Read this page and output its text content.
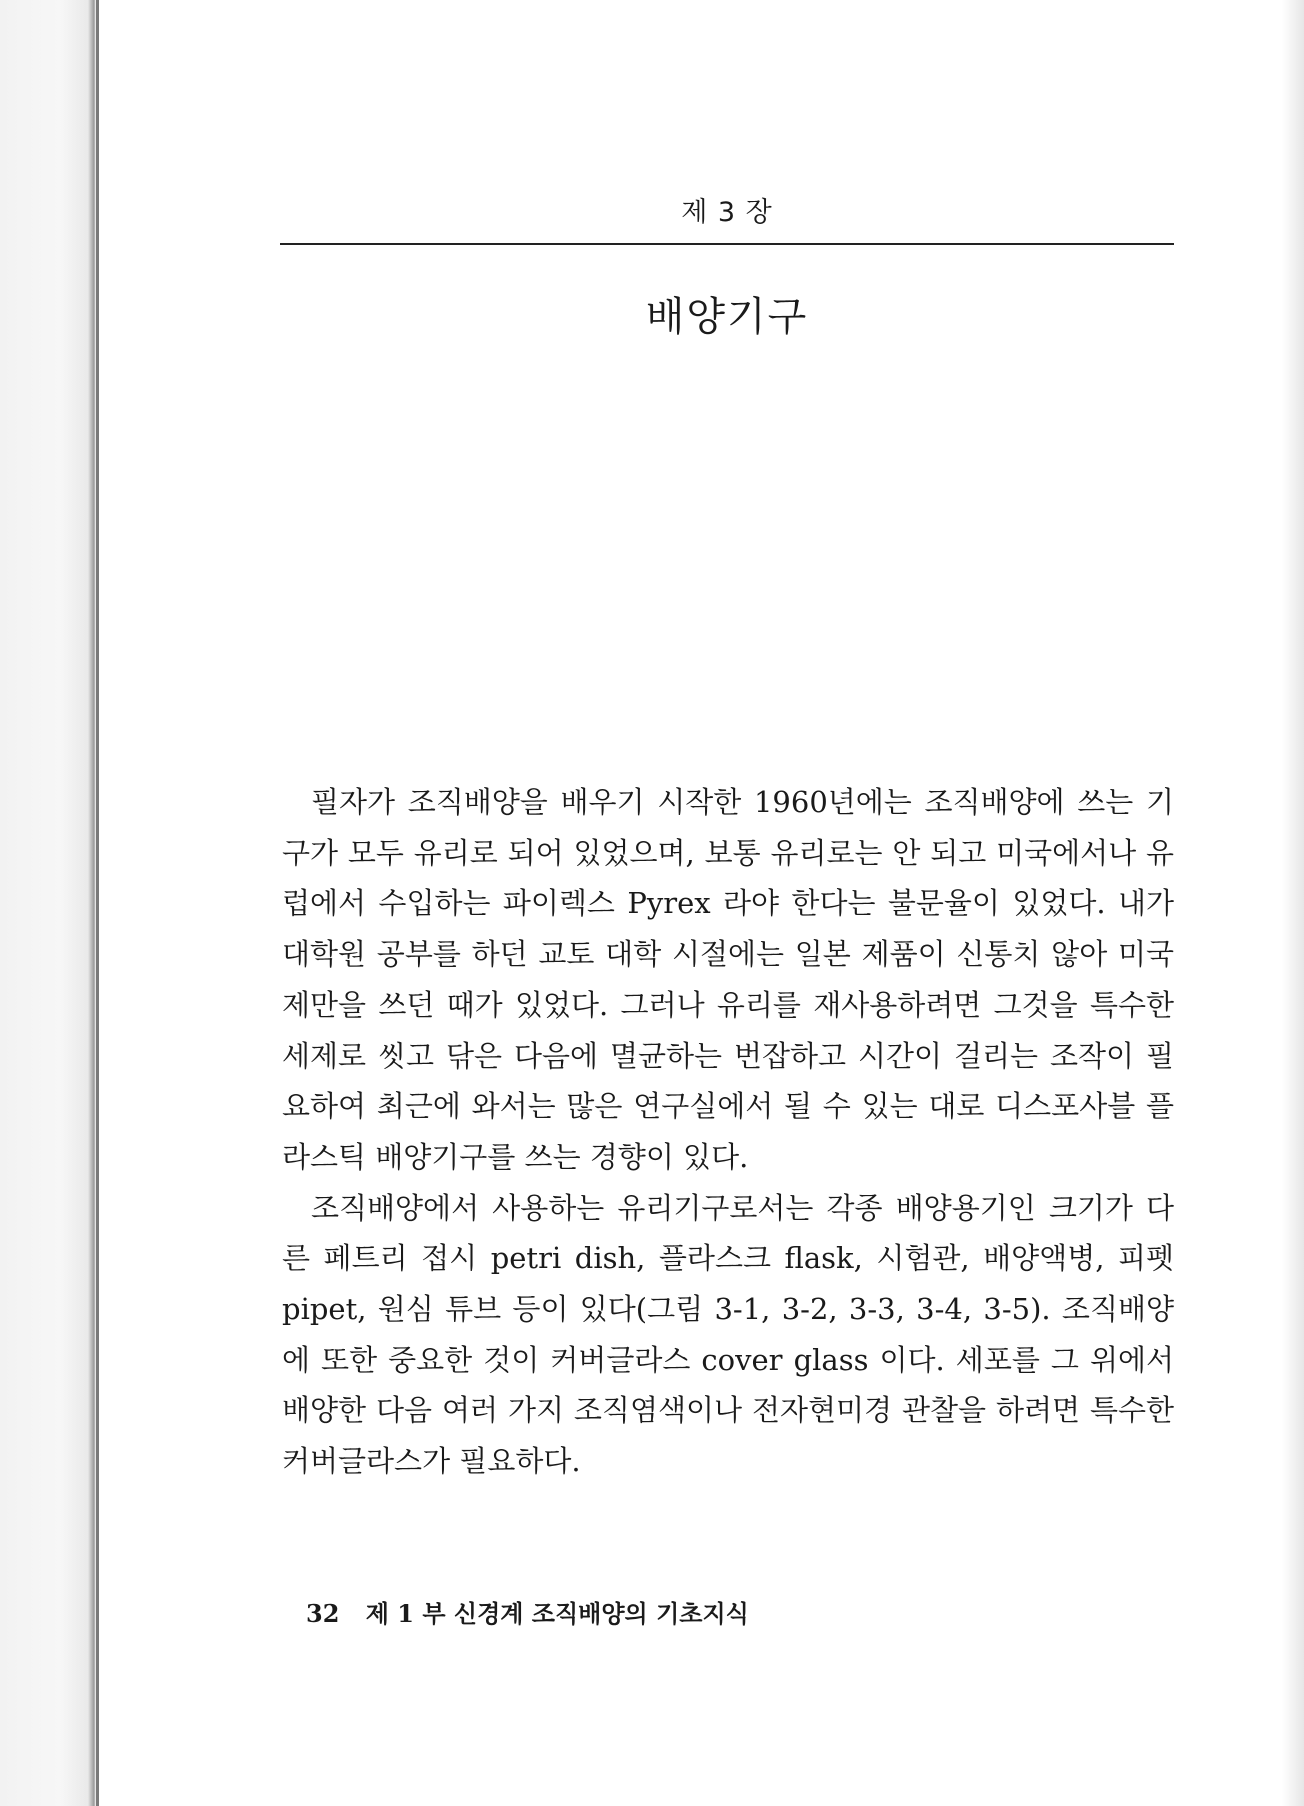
제 3 장
배양기구

필자가 조직배양을 배우기 시작한 1960년에는 조직배양에 쓰는 기구가 모두 유리로 되어 있었으며, 보통 유리로는 안 되고 미국에서나 유럽에서 수입하는 파이렉스 Pyrex 라야 한다는 불문율이 있었다. 내가 대학원 공부를 하던 교토 대학 시절에는 일본 제품이 신통치 않아 미국제만을 쓰던 때가 있었다. 그러나 유리를 재사용하려면 그것을 특수한 세제로 씻고 닦은 다음에 멸균하는 번잡하고 시간이 걸리는 조작이 필요하여 최근에 와서는 많은 연구실에서 될 수 있는 대로 디스포사블 플라스틱 배양기구를 쓰는 경향이 있다.

조직배양에서 사용하는 유리기구로서는 각종 배양용기인 크기가 다른 페트리 접시 petri dish, 플라스크 flask, 시험관, 배양액병, 피펫 pipet, 원심 튜브 등이 있다(그림 3-1, 3-2, 3-3, 3-4, 3-5). 조직배양에 또한 중요한 것이 커버글라스 cover glass 이다. 세포를 그 위에서 배양한 다음 여러 가지 조직염색이나 전자현미경 관찰을 하려면 특수한 커버글라스가 필요하다.

32 제 1 부 신경계 조직배양의 기초지식
